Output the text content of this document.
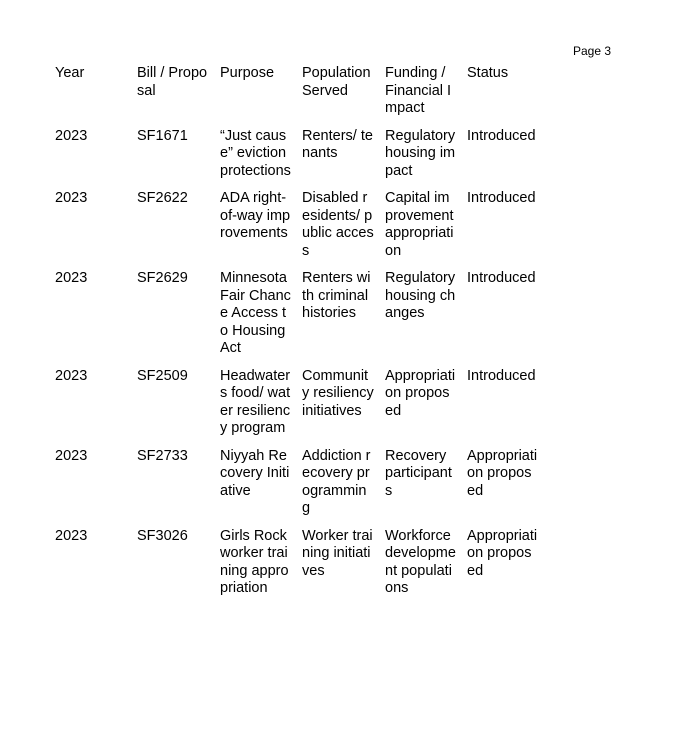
Page 3
Year	Bill / Proposal	Purpose	Population Served	Funding / Financial Impact	Status

2023	SF1671	“Just cause” eviction protections	Renters/ tenants	Regulatory housing impact	Introduced

2023	SF2622	ADA right-of-way improvements	Disabled residents/ public access	Capital improvement appropriation	Introduced

2023	SF2629	Minnesota Fair Chance Access to Housing Act	Renters with criminal histories	Regulatory housing changes	Introduced

2023	SF2509	Headwaters food/ water resiliency program	Community resiliency initiatives	Appropriation proposed	Introduced

2023	SF2733	Niyyah Recovery Initiative	Addiction recovery programming	Recovery participants	Appropriation proposed

2023	SF3026	Girls Rock worker training appropriation	Worker training initiatives	Workforce development populations	Appropriation proposed
